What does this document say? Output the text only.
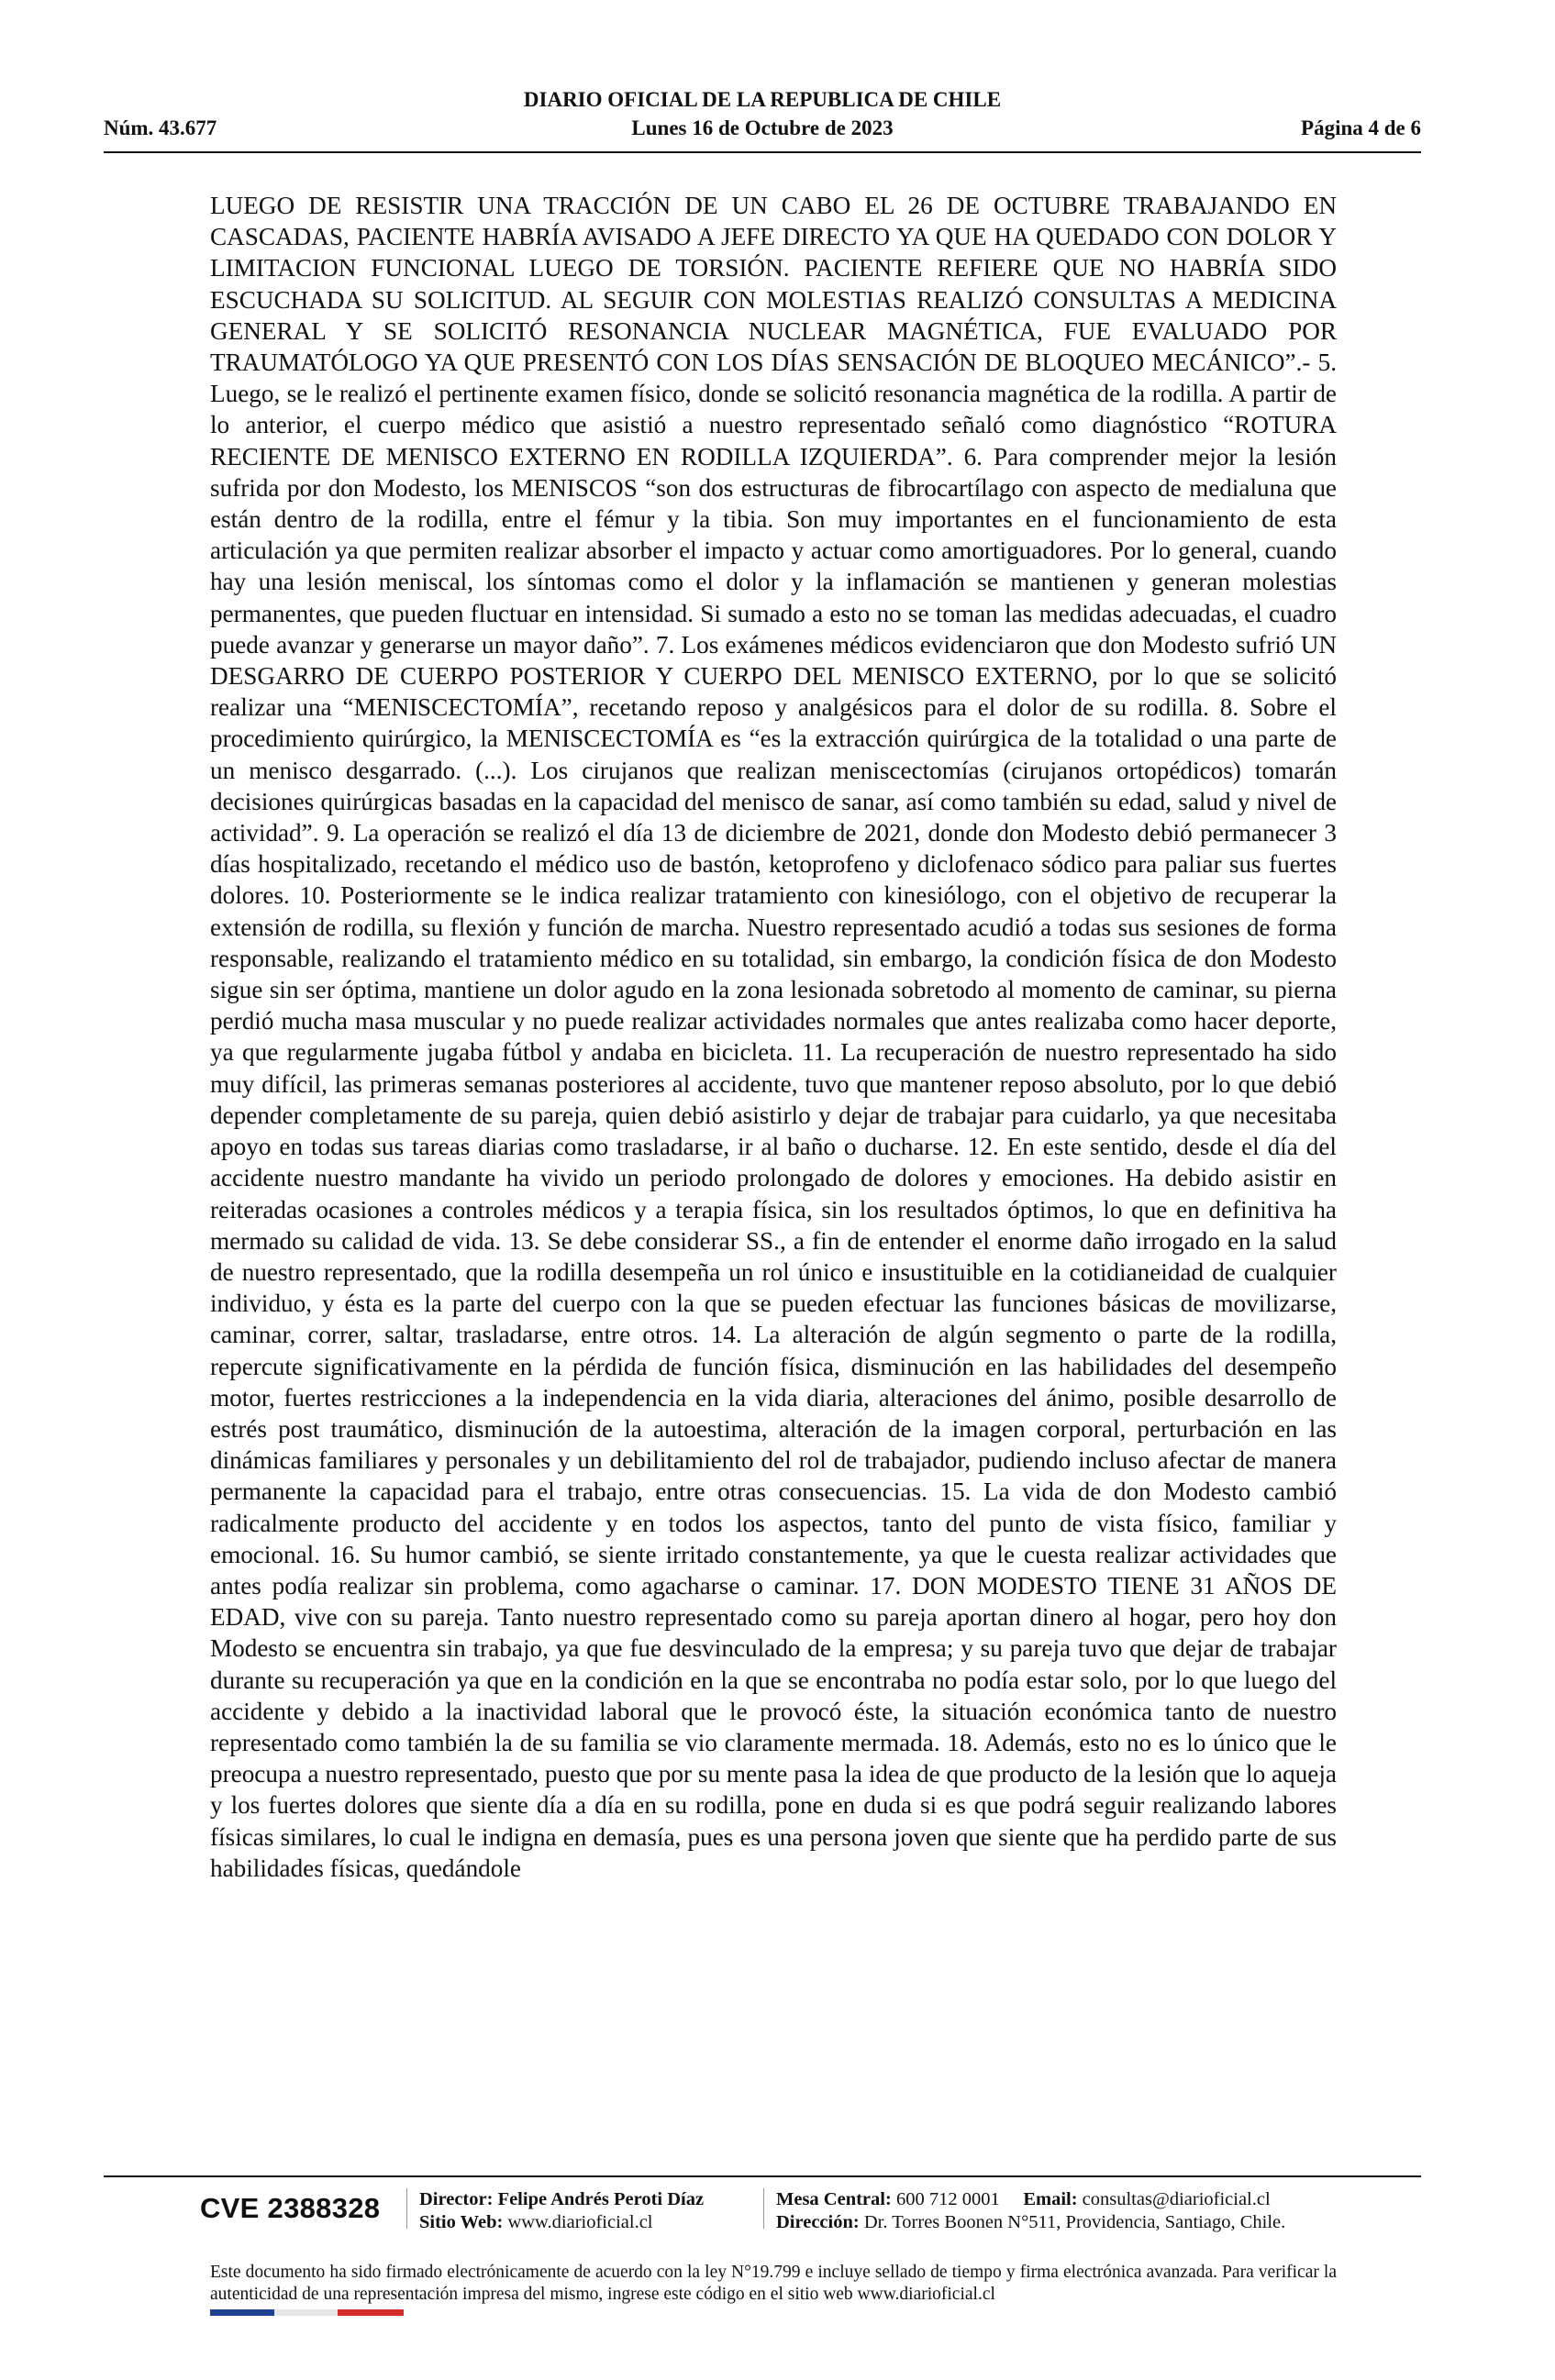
DIARIO OFICIAL DE LA REPUBLICA DE CHILE
Núm. 43.677	Lunes 16 de Octubre de 2023	Página 4 de 6
LUEGO DE RESISTIR UNA TRACCIÓN DE UN CABO EL 26 DE OCTUBRE TRABAJANDO EN CASCADAS, PACIENTE HABRÍA AVISADO A JEFE DIRECTO YA QUE HA QUEDADO CON DOLOR Y LIMITACION FUNCIONAL LUEGO DE TORSIÓN. PACIENTE REFIERE QUE NO HABRÍA SIDO ESCUCHADA SU SOLICITUD. AL SEGUIR CON MOLESTIAS REALIZÓ CONSULTAS A MEDICINA GENERAL Y SE SOLICITÓ RESONANCIA NUCLEAR MAGNÉTICA, FUE EVALUADO POR TRAUMATÓLOGO YA QUE PRESENTÓ CON LOS DÍAS SENSACIÓN DE BLOQUEO MECÁNICO”.- 5. Luego, se le realizó el pertinente examen físico, donde se solicitó resonancia magnética de la rodilla. A partir de lo anterior, el cuerpo médico que asistió a nuestro representado señaló como diagnóstico “ROTURA RECIENTE DE MENISCO EXTERNO EN RODILLA IZQUIERDA”. 6. Para comprender mejor la lesión sufrida por don Modesto, los MENISCOS “son dos estructuras de fibrocartílago con aspecto de medialuna que están dentro de la rodilla, entre el fémur y la tibia. Son muy importantes en el funcionamiento de esta articulación ya que permiten realizar absorber el impacto y actuar como amortiguadores. Por lo general, cuando hay una lesión meniscal, los síntomas como el dolor y la inflamación se mantienen y generan molestias permanentes, que pueden fluctuar en intensidad. Si sumado a esto no se toman las medidas adecuadas, el cuadro puede avanzar y generarse un mayor daño”. 7. Los exámenes médicos evidenciaron que don Modesto sufrió UN DESGARRO DE CUERPO POSTERIOR Y CUERPO DEL MENISCO EXTERNO, por lo que se solicitó realizar una “MENISCECTOMÍA”, recetando reposo y analgésicos para el dolor de su rodilla. 8. Sobre el procedimiento quirúrgico, la MENISCECTOMÍA es “es la extracción quirúrgica de la totalidad o una parte de un menisco desgarrado. (...). Los cirujanos que realizan meniscectomías (cirujanos ortopédicos) tomarán decisiones quirúrgicas basadas en la capacidad del menisco de sanar, así como también su edad, salud y nivel de actividad”. 9. La operación se realizó el día 13 de diciembre de 2021, donde don Modesto debió permanecer 3 días hospitalizado, recetando el médico uso de bastón, ketoprofeno y diclofenaco sódico para paliar sus fuertes dolores. 10. Posteriormente se le indica realizar tratamiento con kinesiólogo, con el objetivo de recuperar la extensión de rodilla, su flexión y función de marcha. Nuestro representado acudió a todas sus sesiones de forma responsable, realizando el tratamiento médico en su totalidad, sin embargo, la condición física de don Modesto sigue sin ser óptima, mantiene un dolor agudo en la zona lesionada sobretodo al momento de caminar, su pierna perdió mucha masa muscular y no puede realizar actividades normales que antes realizaba como hacer deporte, ya que regularmente jugaba fútbol y andaba en bicicleta. 11. La recuperación de nuestro representado ha sido muy difícil, las primeras semanas posteriores al accidente, tuvo que mantener reposo absoluto, por lo que debió depender completamente de su pareja, quien debió asistirlo y dejar de trabajar para cuidarlo, ya que necesitaba apoyo en todas sus tareas diarias como trasladarse, ir al baño o ducharse. 12. En este sentido, desde el día del accidente nuestro mandante ha vivido un periodo prolongado de dolores y emociones. Ha debido asistir en reiteradas ocasiones a controles médicos y a terapia física, sin los resultados óptimos, lo que en definitiva ha mermado su calidad de vida. 13. Se debe considerar SS., a fin de entender el enorme daño irrogado en la salud de nuestro representado, que la rodilla desempeña un rol único e insustituible en la cotidianeidad de cualquier individuo, y ésta es la parte del cuerpo con la que se pueden efectuar las funciones básicas de movilizarse, caminar, correr, saltar, trasladarse, entre otros. 14. La alteración de algún segmento o parte de la rodilla, repercute significativamente en la pérdida de función física, disminución en las habilidades del desempeño motor, fuertes restricciones a la independencia en la vida diaria, alteraciones del ánimo, posible desarrollo de estrés post traumático, disminución de la autoestima, alteración de la imagen corporal, perturbación en las dinámicas familiares y personales y un debilitamiento del rol de trabajador, pudiendo incluso afectar de manera permanente la capacidad para el trabajo, entre otras consecuencias. 15. La vida de don Modesto cambió radicalmente producto del accidente y en todos los aspectos, tanto del punto de vista físico, familiar y emocional. 16. Su humor cambió, se siente irritado constantemente, ya que le cuesta realizar actividades que antes podía realizar sin problema, como agacharse o caminar. 17. DON MODESTO TIENE 31 AÑOS DE EDAD, vive con su pareja. Tanto nuestro representado como su pareja aportan dinero al hogar, pero hoy don Modesto se encuentra sin trabajo, ya que fue desvinculado de la empresa; y su pareja tuvo que dejar de trabajar durante su recuperación ya que en la condición en la que se encontraba no podía estar solo, por lo que luego del accidente y debido a la inactividad laboral que le provocó éste, la situación económica tanto de nuestro representado como también la de su familia se vio claramente mermada. 18. Además, esto no es lo único que le preocupa a nuestro representado, puesto que por su mente pasa la idea de que producto de la lesión que lo aqueja y los fuertes dolores que siente día a día en su rodilla, pone en duda si es que podrá seguir realizando labores físicas similares, lo cual le indigna en demasía, pues es una persona joven que siente que ha perdido parte de sus habilidades físicas, quedándole
CVE 2388328 Director: Felipe Andrés Peroti Díaz
Sitio Web: www.diarioficial.cl
Mesa Central: 600 712 0001 Email: consultas@diarioficial.cl
Dirección: Dr. Torres Boonen N°511, Providencia, Santiago, Chile.
Este documento ha sido firmado electrónicamente de acuerdo con la ley N°19.799 e incluye sellado de tiempo y firma electrónica avanzada. Para verificar la autenticidad de una representación impresa del mismo, ingrese este código en el sitio web www.diarioficial.cl
